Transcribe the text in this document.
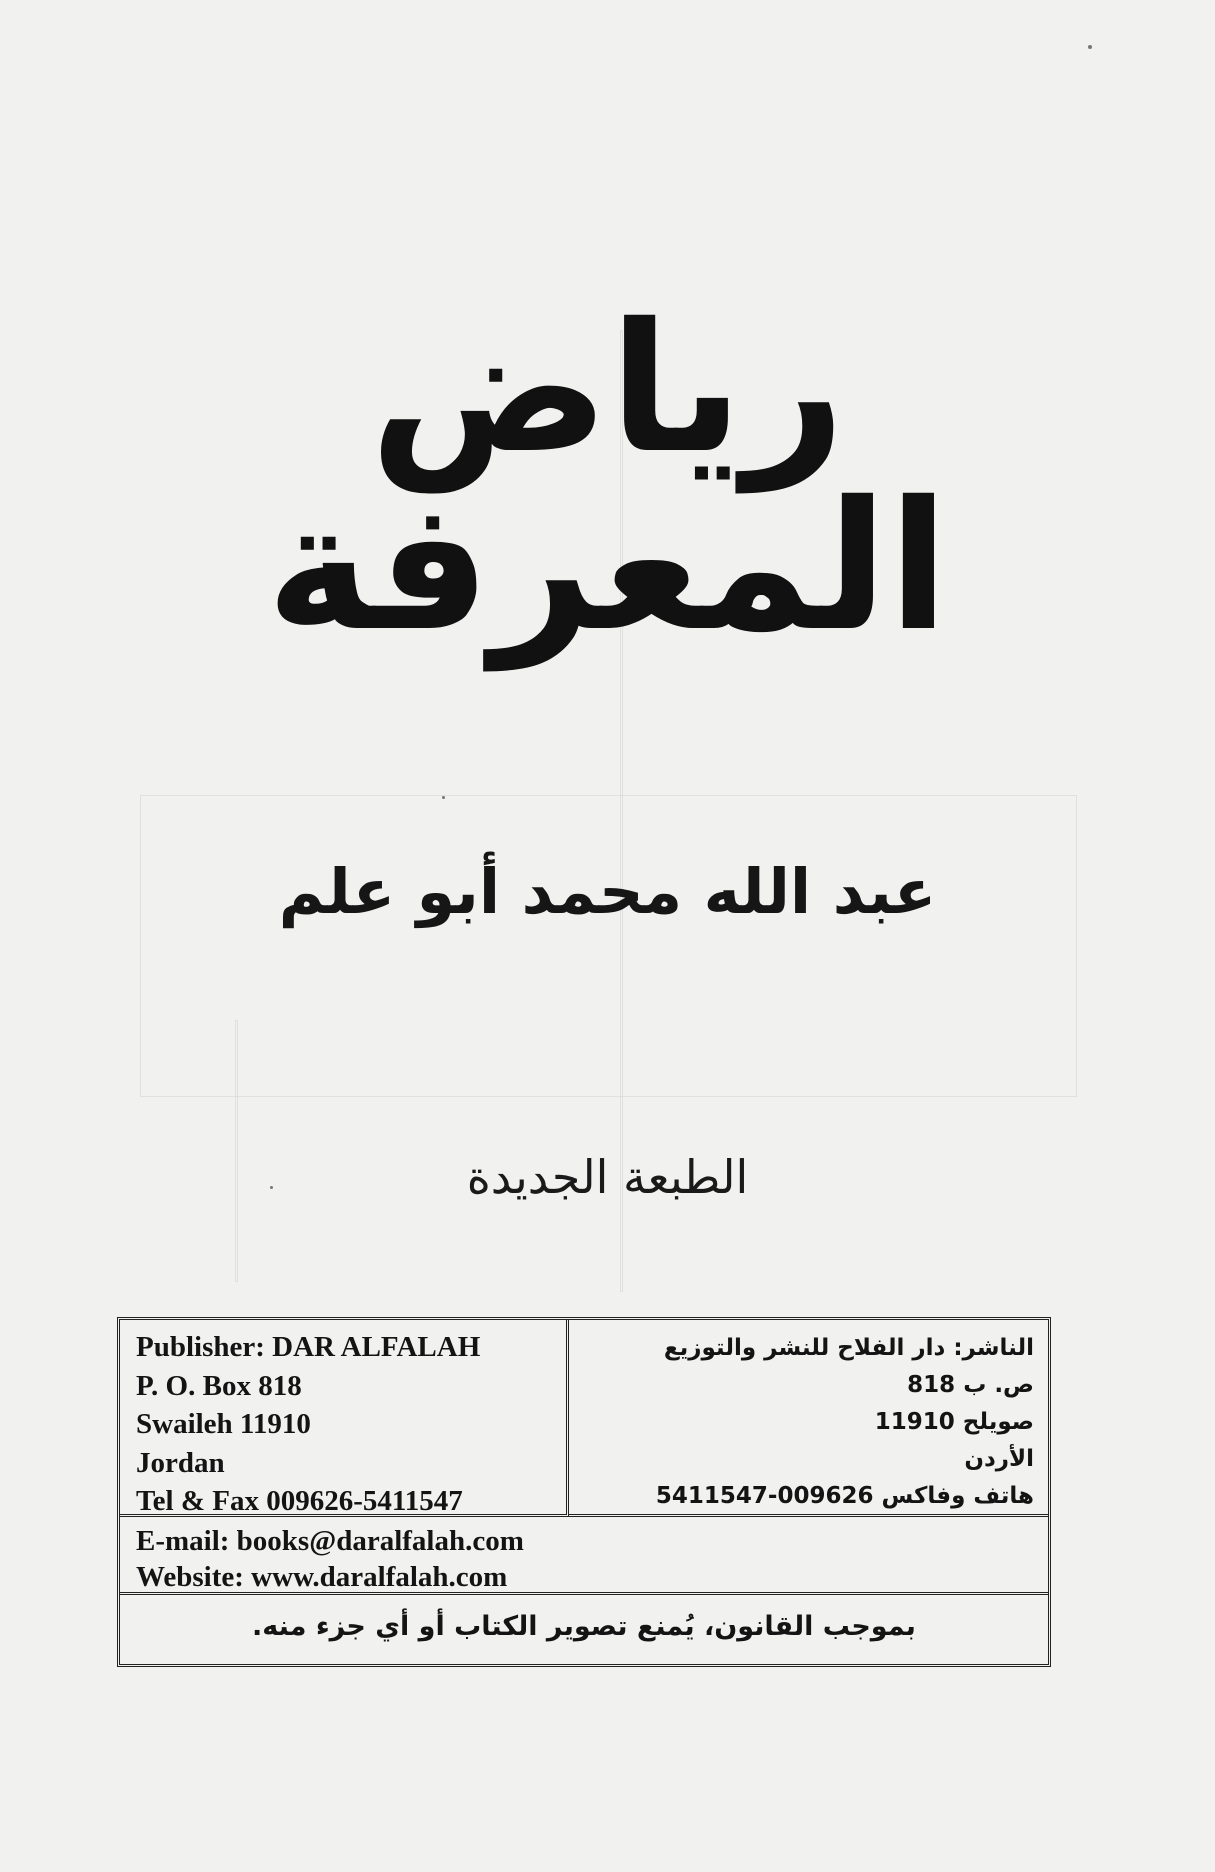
رياض المعرفة
عبد الله محمد أبو علم
الطبعة الجديدة
Publisher: DAR ALFALAH
P. O. Box 818
Swaileh 11910
Jordan
Tel & Fax 009626-5411547
الناشر: دار الفلاح للنشر والتوزيع
ص. ب 818
صويلح 11910
الأردن
هاتف وفاكس 009626-5411547
E-mail: books@daralfalah.com
Website: www.daralfalah.com
بموجب القانون، يُمنع تصوير الكتاب أو أي جزء منه.
